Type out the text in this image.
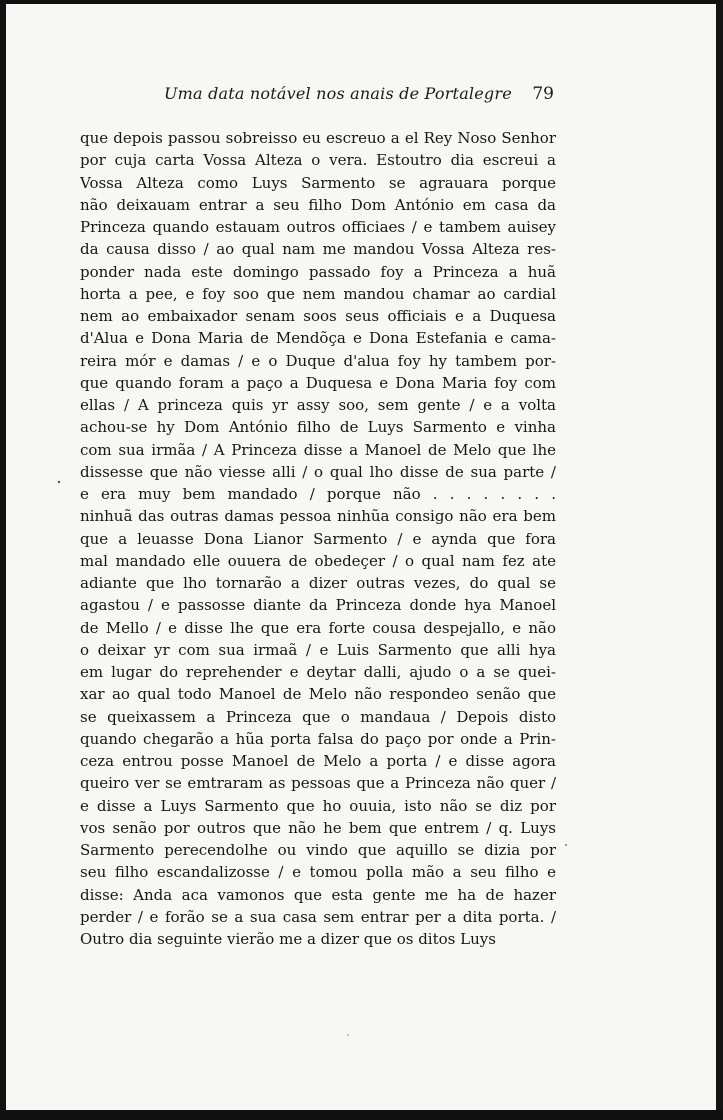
Uma data notável nos anais de Portalegre 79
que depois passou sobreisso eu escreuo a el Rey Noso Senhor
por cuja carta Vossa Alteza o vera. Estoutro dia escreui a
Vossa Alteza como Luys Sarmento se agrauara porque
não deixauam entrar a seu filho Dom António em casa da
Princeza quando estauam outros officiaes / e tambem auisey
da causa disso / ao qual nam me mandou Vossa Alteza res-
ponder nada este domingo passado foy a Princeza a huã
horta a pee, e foy soo que nem mandou chamar ao cardial
nem ao embaixador senam soos seus officiais e a Duquesa
d'Alua e Dona Maria de Mendõça e Dona Estefania e cama-
reira mór e damas / e o Duque d'alua foy hy tambem por-
que quando foram a paço a Duquesa e Dona Maria foy com
ellas / A princeza quis yr assy soo, sem gente / e a volta
achou-se hy Dom António filho de Luys Sarmento e vinha
com sua irmãa / A Princeza disse a Manoel de Melo que lhe
dissesse que não viesse alli / o qual lho disse de sua parte /
e era muy bem mandado / porque não . . . . . . . .
ninhuã das outras damas pessoa ninhũa consigo não era bem
que a leuasse Dona Lianor Sarmento / e aynda que fora
mal mandado elle ouuera de obedeçer / o qual nam fez ate
adiante que lho tornarão a dizer outras vezes, do qual se
agastou / e passosse diante da Princeza donde hya Manoel
de Mello / e disse lhe que era forte cousa despejallo, e não
o deixar yr com sua irmaã / e Luis Sarmento que alli hya
em lugar do reprehender e deytar dalli, ajudo o a se quei-
xar ao qual todo Manoel de Melo não respondeo senão que
se queixassem a Princeza que o mandaua / Depois disto
quando chegarão a hũa porta falsa do paço por onde a Prin-
ceza entrou posse Manoel de Melo a porta / e disse agora
queiro ver se emtraram as pessoas que a Princeza não quer /
e disse a Luys Sarmento que ho ouuia, isto não se diz por
vos senão por outros que não he bem que entrem / q. Luys
Sarmento perecendolhe ou vindo que aquillo se dizia por
seu filho escandalizosse / e tomou polla mão a seu filho e
disse: Anda aca vamonos que esta gente me ha de hazer
perder / e forão se a sua casa sem entrar per a dita porta. /
Outro dia seguinte vierão me a dizer que os ditos Luys
